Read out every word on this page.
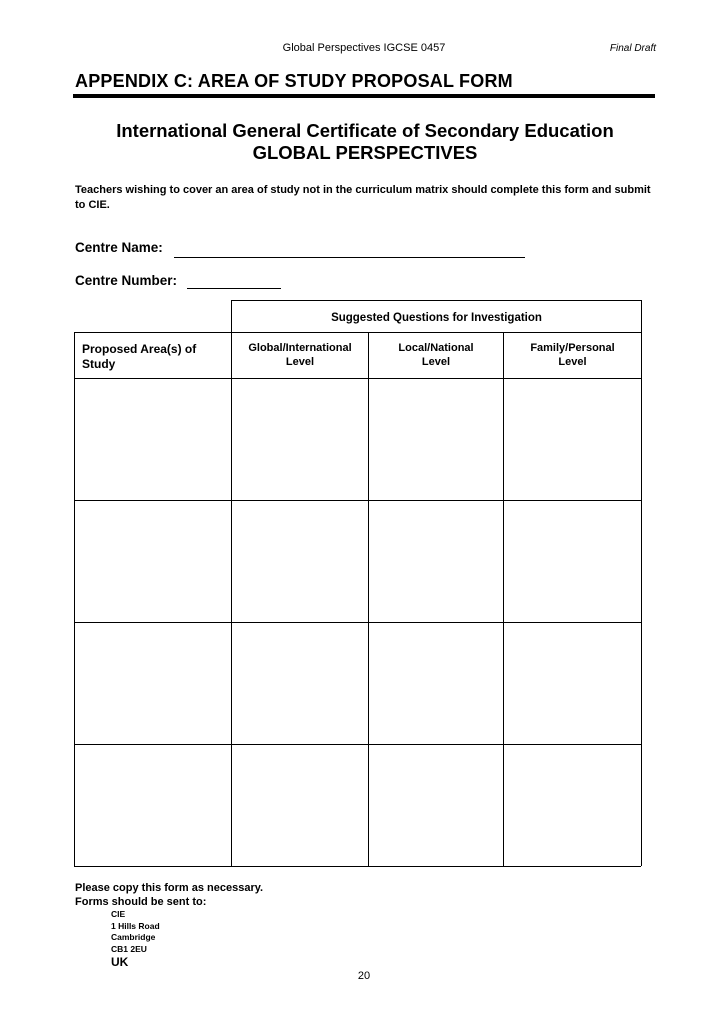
Global Perspectives IGCSE 0457	Final Draft
APPENDIX C: AREA OF STUDY PROPOSAL FORM
International General Certificate of Secondary Education
GLOBAL PERSPECTIVES
Teachers wishing to cover an area of study not in the curriculum matrix should complete this form and submit to CIE.
Centre Name:
Centre Number:
Suggested Questions for Investigation
Proposed Area(s) of Study
Global/International
Level
Local/National
Level
Family/Personal
Level
Please copy this form as necessary.
Forms should be sent to:
CIE
1 Hills Road
Cambridge
CB1 2EU
UK
20
